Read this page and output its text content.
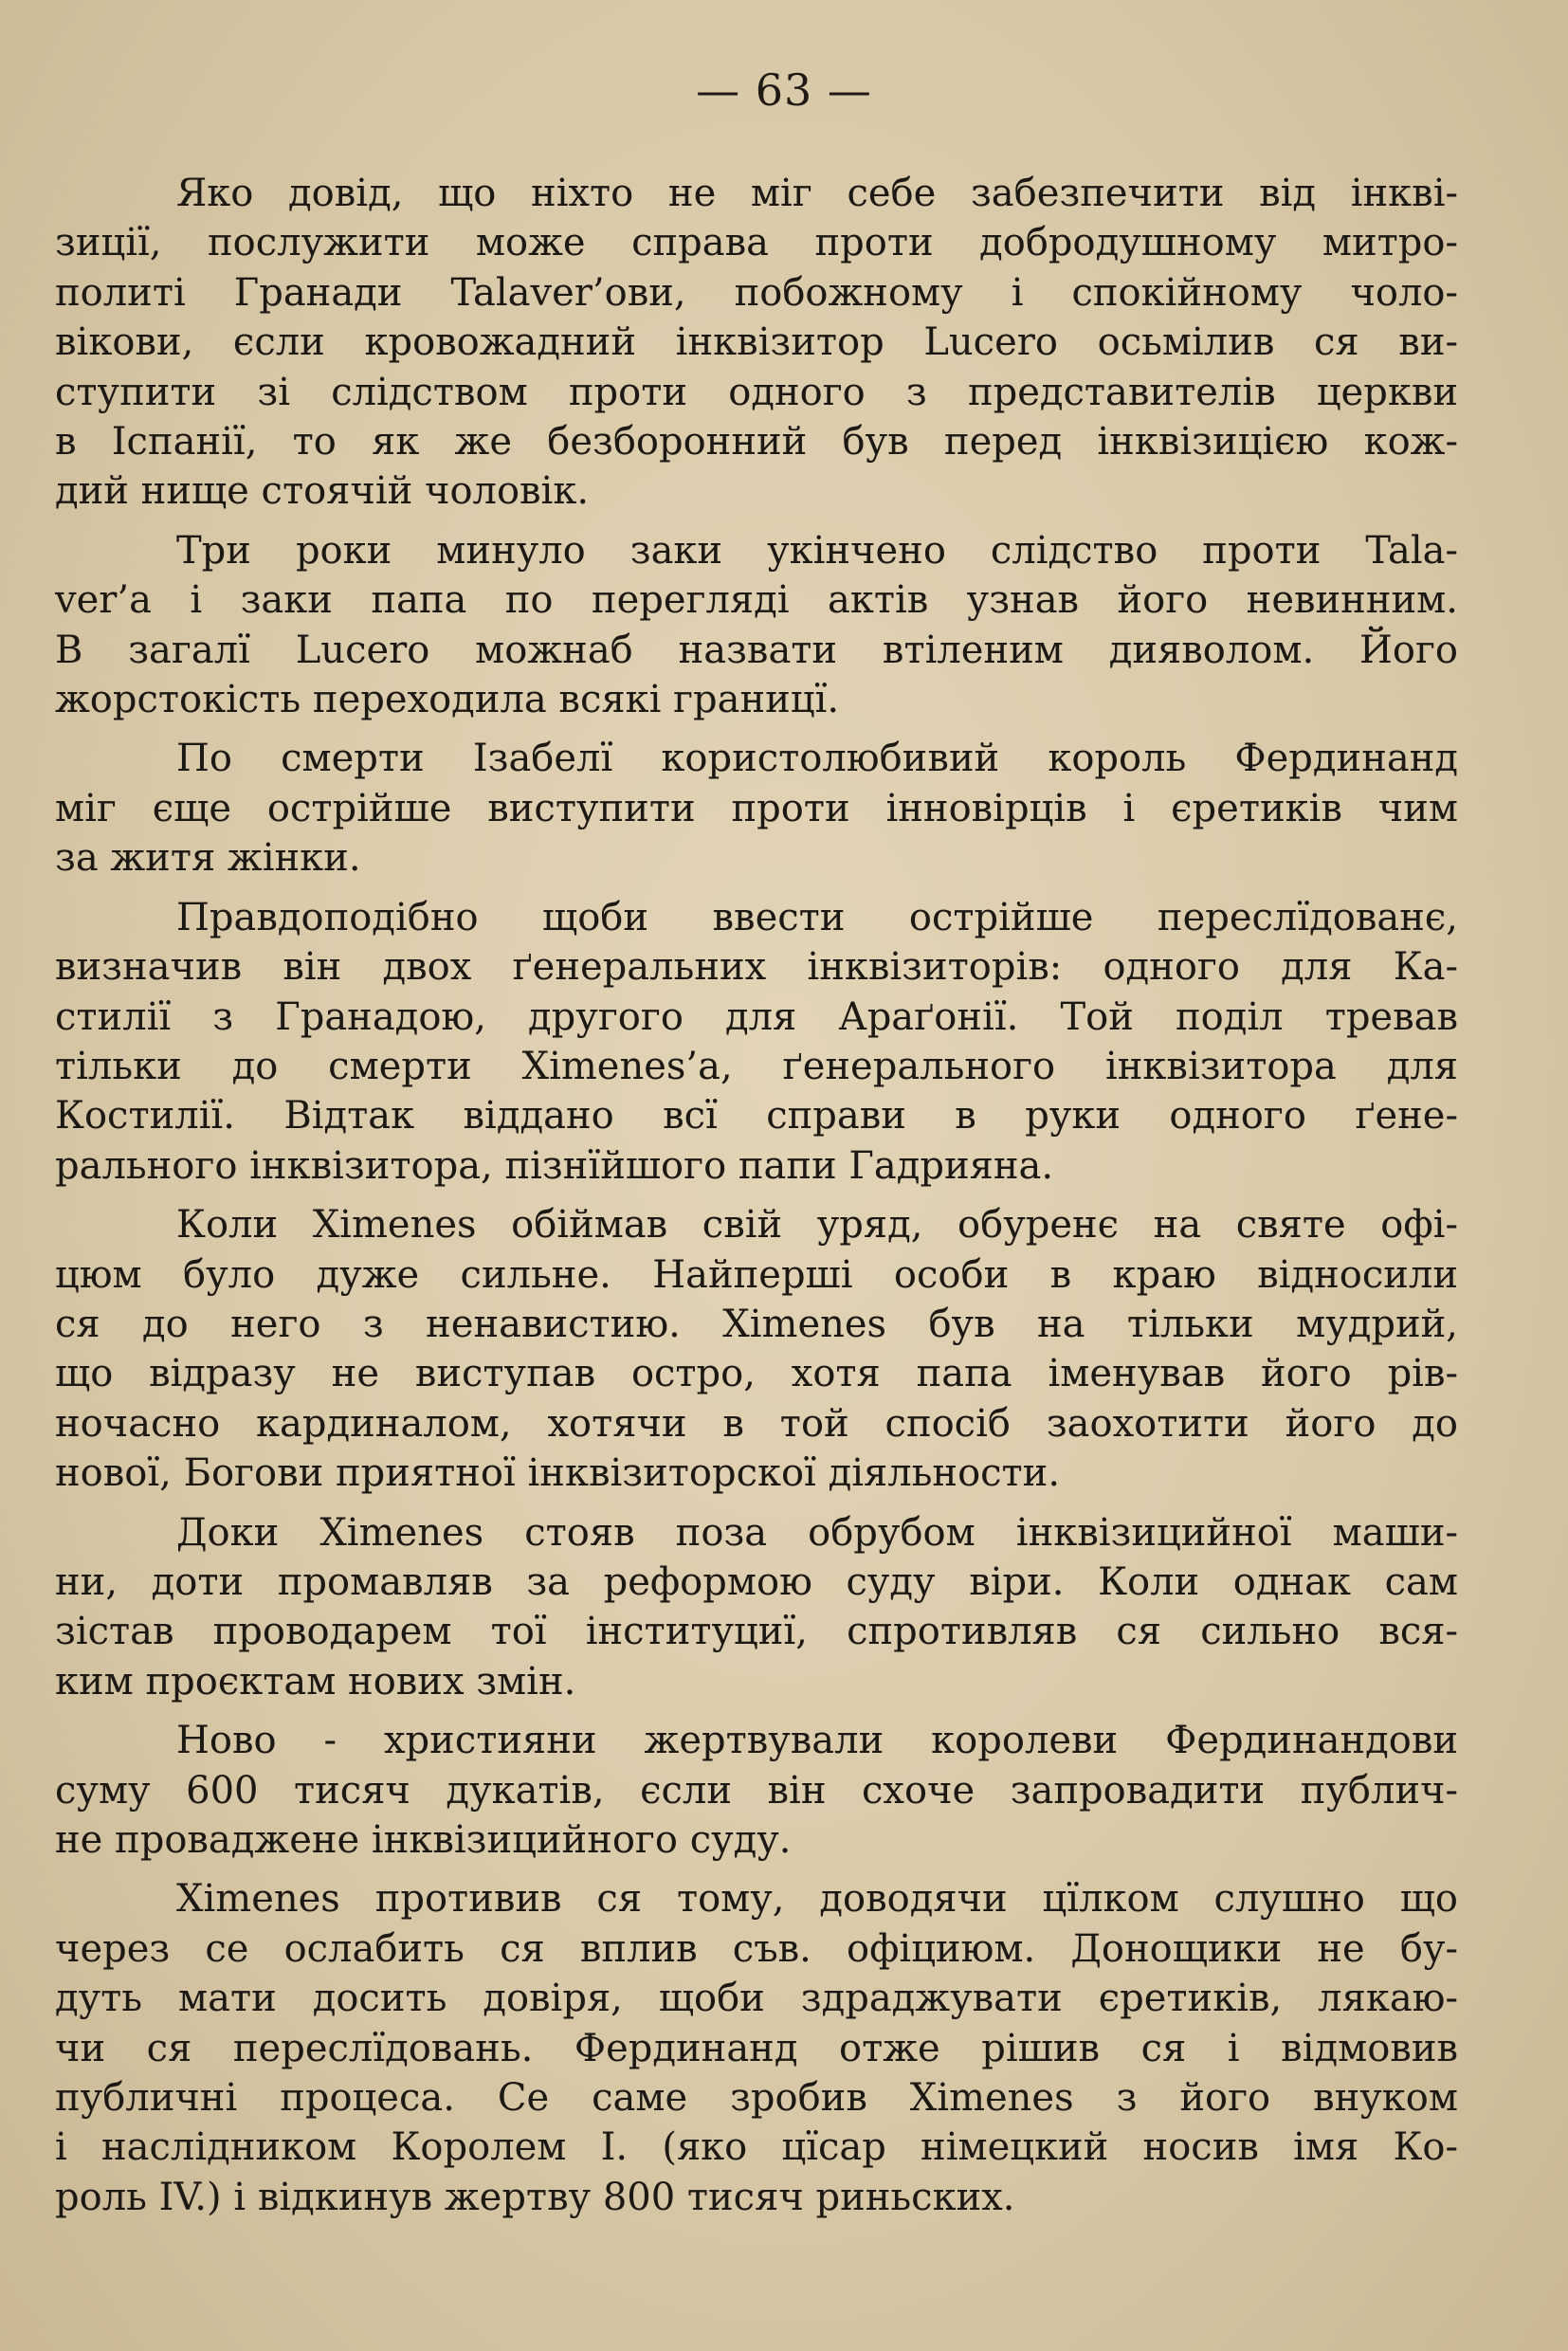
— 63 —
Яко довід, що ніхто не міг себе забезпечити від інкві-
зиції, послужити може справа проти добродушному митро-
политі Гранади Talaver’ови, побожному і спокійному чоло-
вікови, єсли кровожадний інквізитор Lucero осьмілив ся ви-
ступити зі слідством проти одного з представителів церкви
в Іспанії, то як же безборонний був перед інквізицією кож-
дий нище стоячій чоловік.
Три роки минуло заки укінчено слідство проти Tala-
ver’a і заки папа по перегляді актів узнав його невинним.
В загалї Lucero можнаб назвати втіленим дияволом. Його
жорстокість переходила всякі границї.
По смерти Ізабелї користолюбивий король Фердинанд
міг єще острійше виступити проти інновірців і єретиків чим
за житя жінки.
Правдоподібно щоби ввести острійше переслїдованє,
визначив він двох ґенеральних інквізиторів: одного для Ка-
стилії з Гранадою, другого для Араґонії. Той поділ тревав
тільки до смерти Ximenes’а, ґенерального інквізитора для
Костилії. Відтак віддано всї справи в руки одного ґене-
рального інквізитора, пізнїйшого папи Гадрияна.
Коли Ximenes обіймав свій уряд, обуренє на святе офі-
цюм було дуже сильне. Найперші особи в краю відносили
ся до него з ненавистию. Ximenes був на тільки мудрий,
що відразу не виступав остро, хотя папа іменував його рів-
ночасно кардиналом, хотячи в той спосіб заохотити його до
нової, Богови приятної інквізиторскої діяльности.
Доки Ximenes стояв поза обрубом інквізицийної маши-
ни, доти промавляв за реформою суду віри. Коли однак сам
зістав проводарем тої інституциї, спротивляв ся сильно вся-
ким проєктам нових змін.
Ново - християни жертвували королеви Фердинандови
суму 600 тисяч дукатів, єсли він схоче запровадити публич-
не проваджене інквізицийного суду.
Ximenes противив ся тому, доводячи цїлком слушно що
через се ослабить ся вплив съв. офіциюм. Донощики не бу-
дуть мати досить довіря, щоби здраджувати єретиків, лякаю-
чи ся переслїдовань. Фердинанд отже рішив ся і відмовив
публичні процеса. Се саме зробив Ximenes з його внуком
і наслідником Королем І. (яко цїсар німецкий носив імя Ко-
роль IV.) і відкинув жертву 800 тисяч риньских.
